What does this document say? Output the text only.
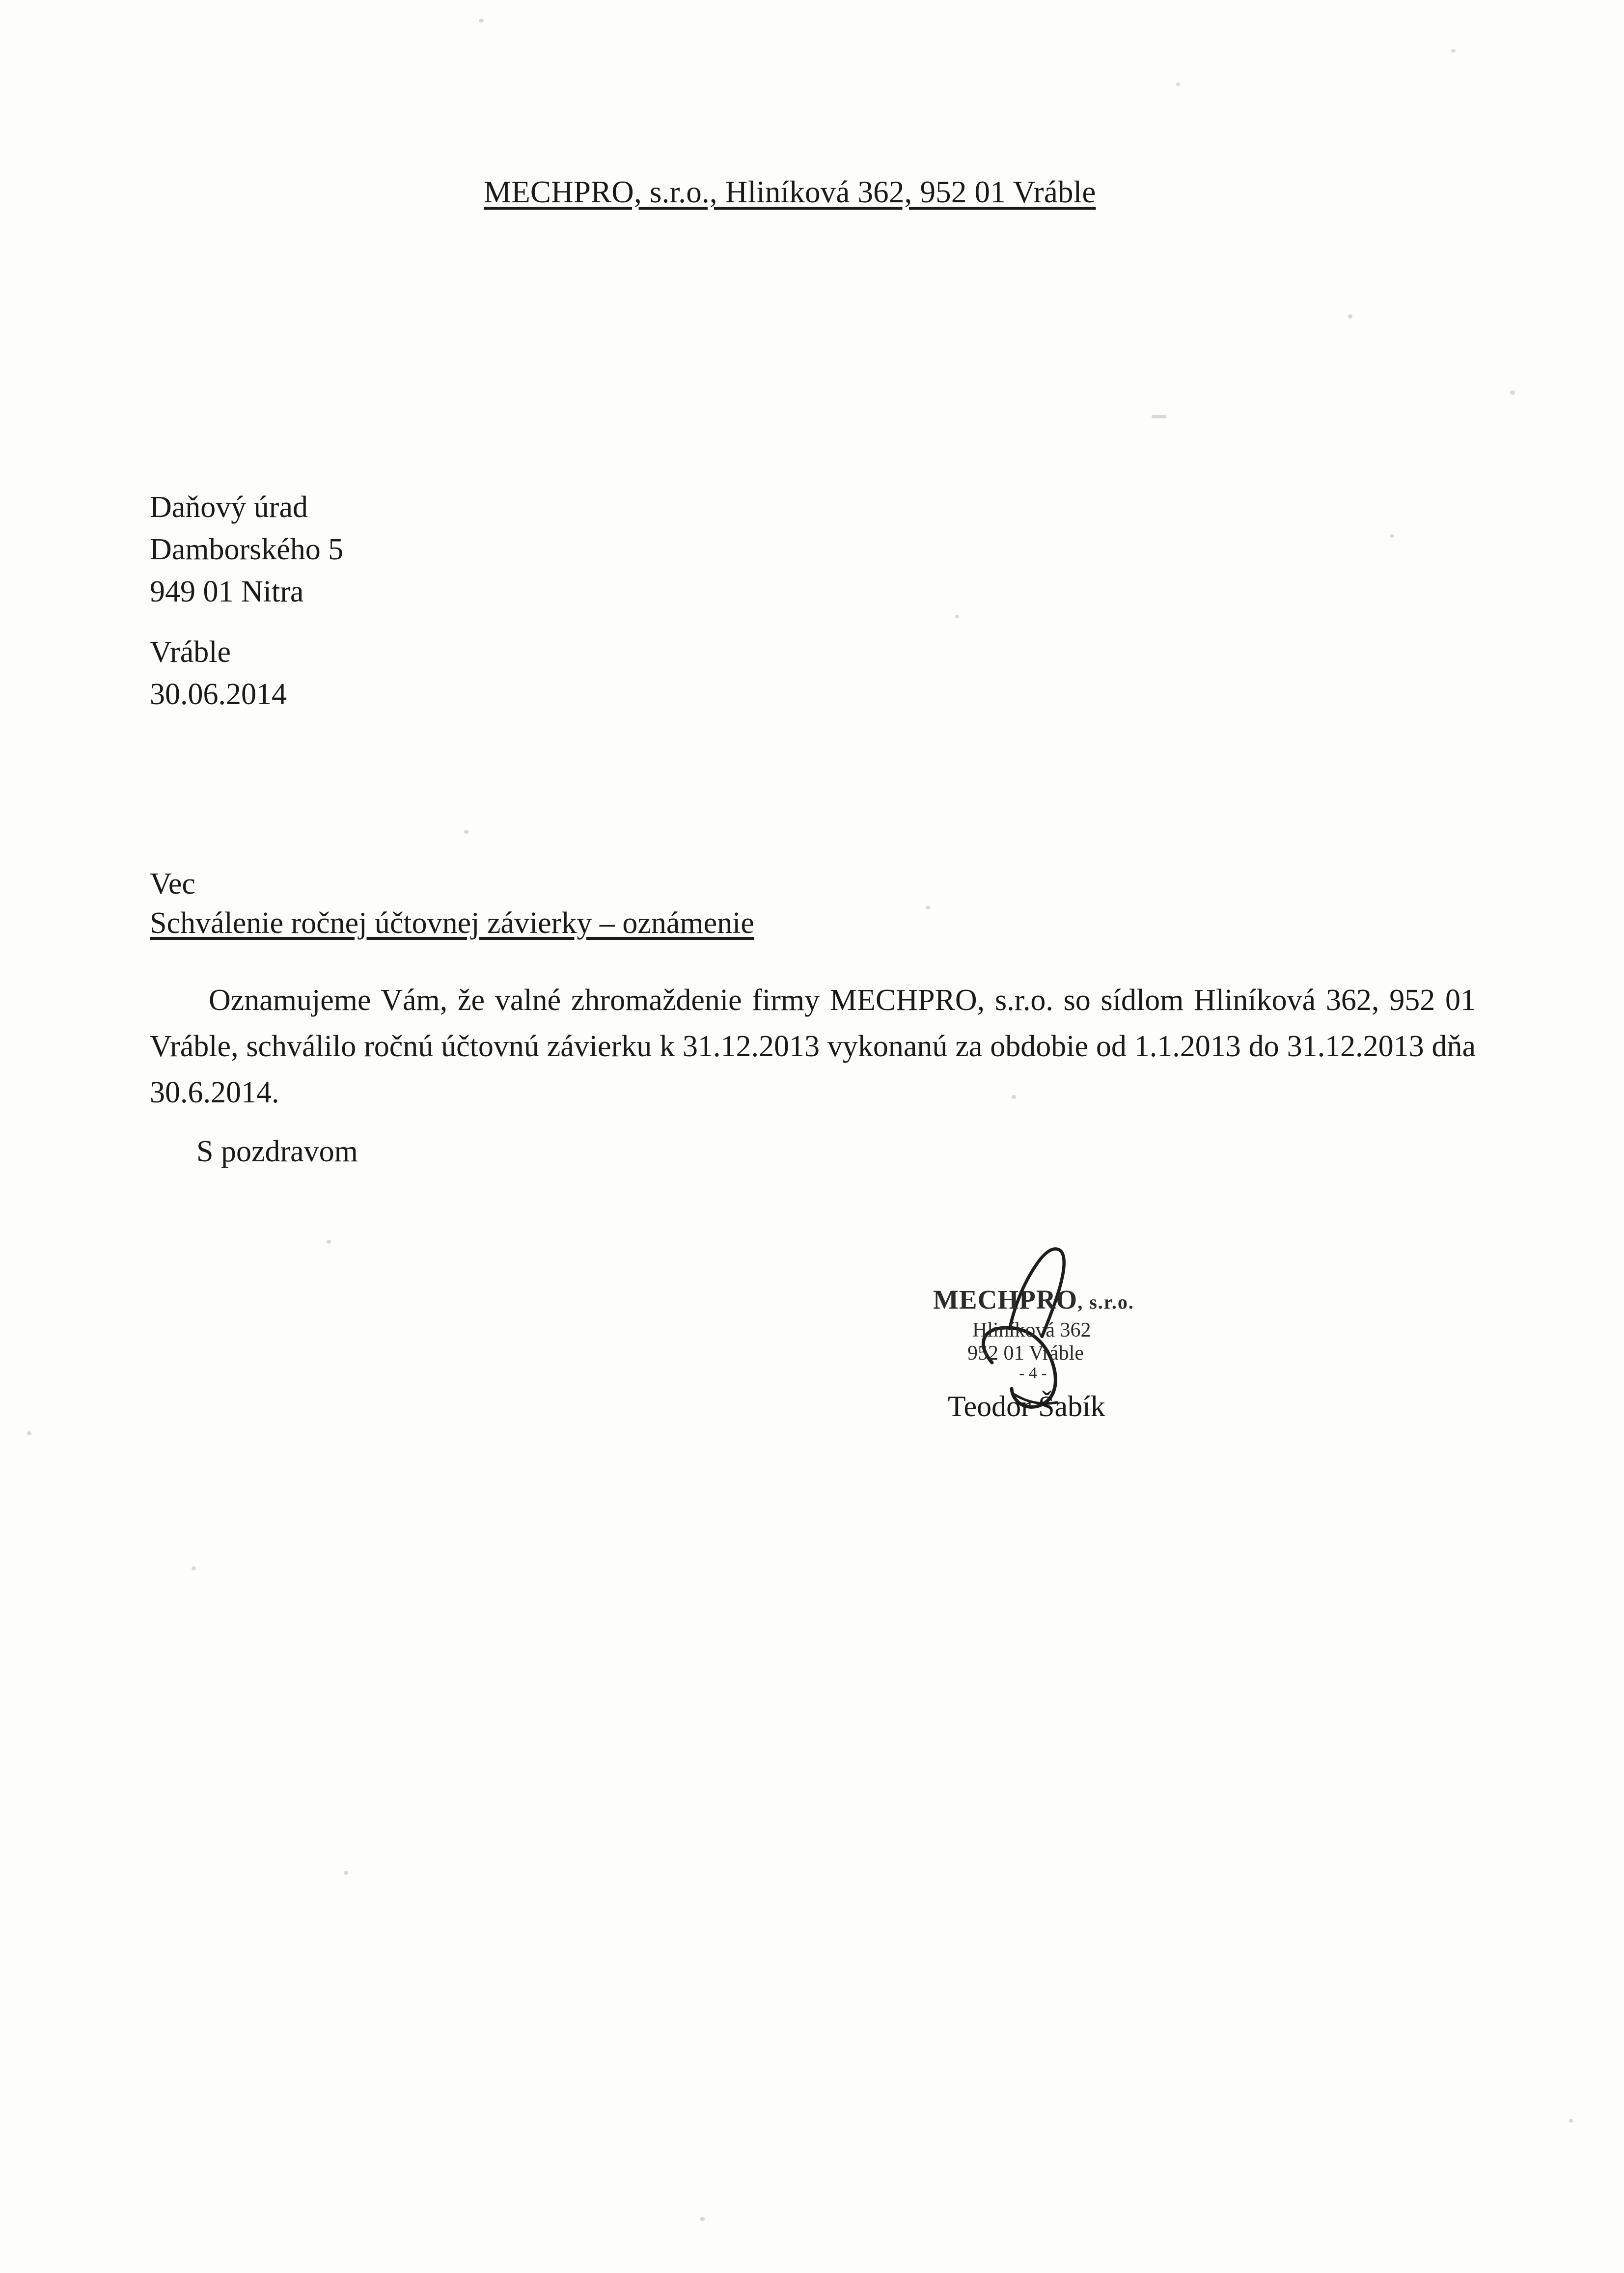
MECHPRO, s.r.o., Hliníková 362, 952 01 Vráble
Daňový úrad
Damborského 5
949 01 Nitra
Vráble
30.06.2014
Vec
Schválenie ročnej účtovnej závierky – oznámenie
Oznamujeme Vám, že valné zhromaždenie firmy MECHPRO, s.r.o. so sídlom Hliníková 362, 952 01 Vráble, schválilo ročnú účtovnú závierku k 31.12.2013 vykonanú za obdobie od 1.1.2013 do 31.12.2013 dňa 30.6.2014.
S pozdravom
MECHPRO, s.r.o.
Hliníková 362
952 01 Vráble
- 4 -
Teodor Šabík
